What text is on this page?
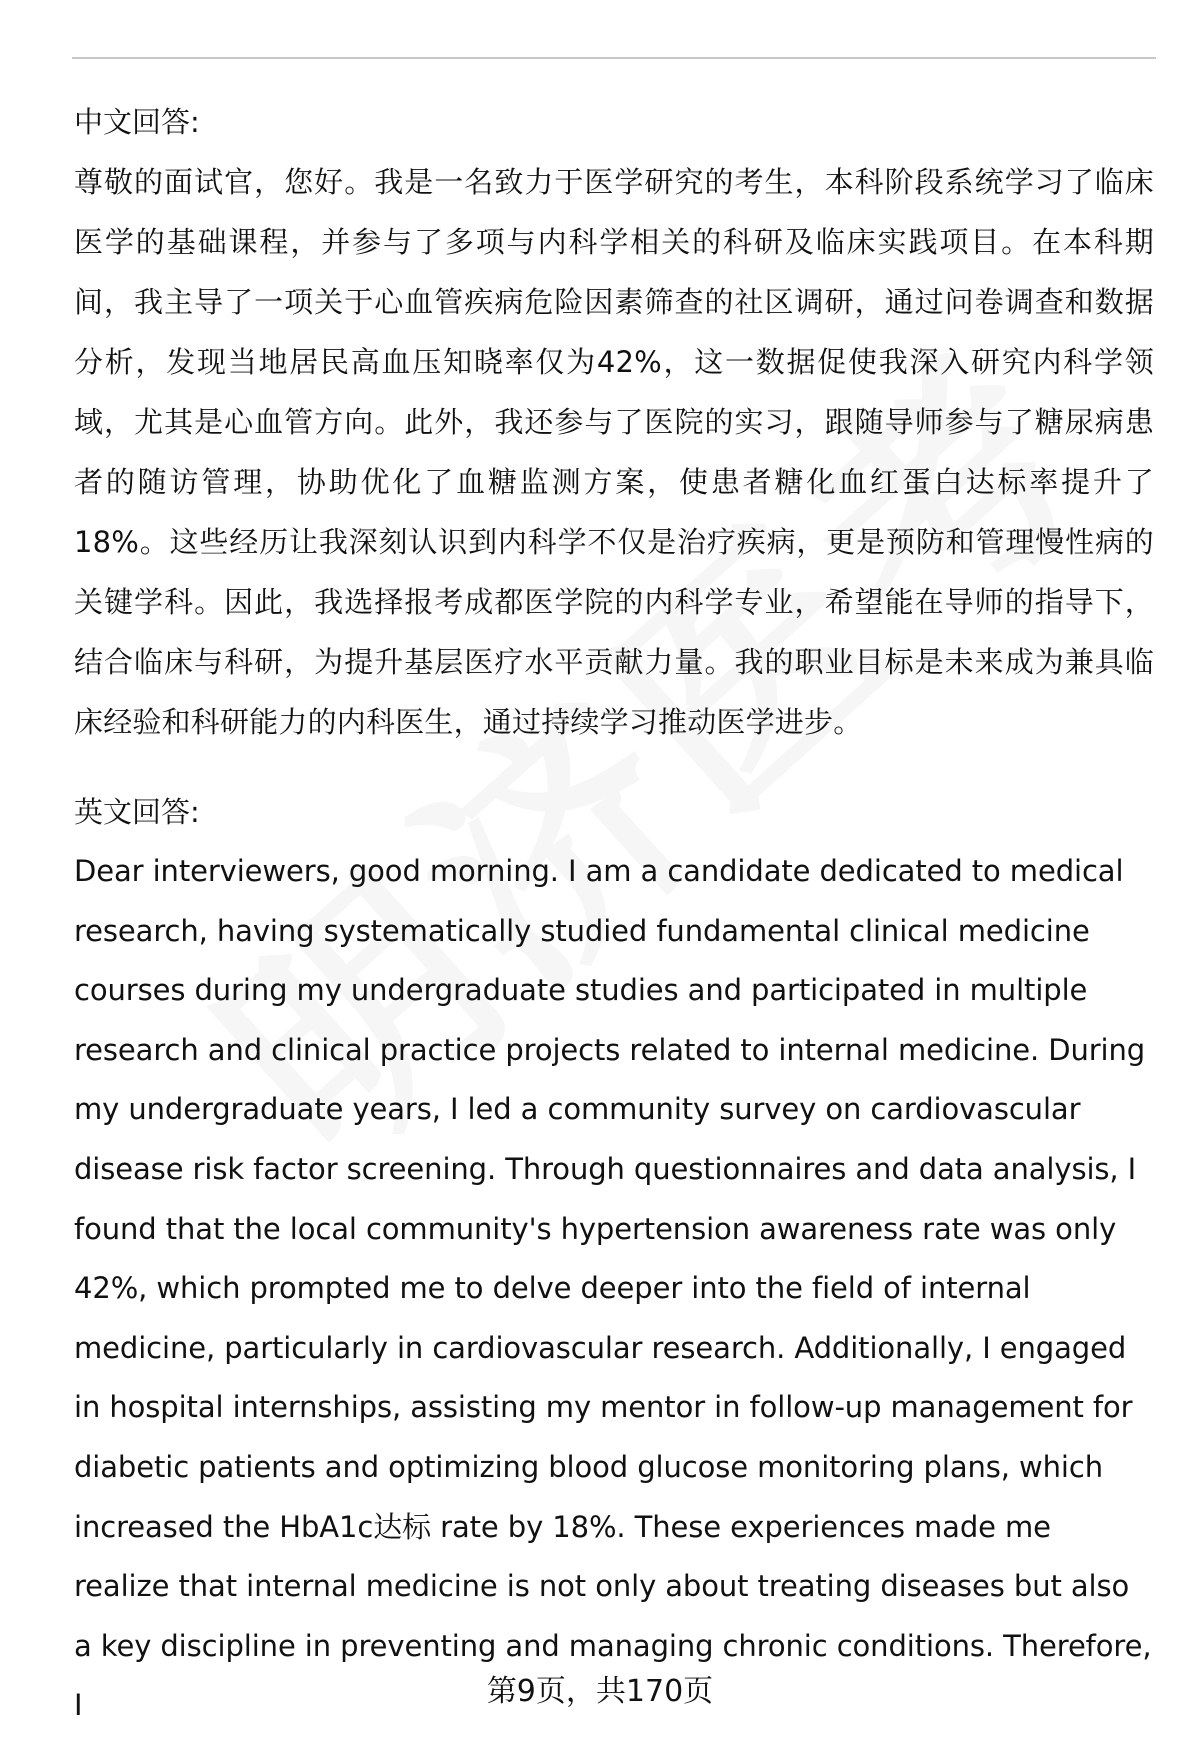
中文回答:

尊敬的面试官，您好。我是一名致力于医学研究的考生，本科阶段系统学习了临床医学的基础课程，并参与了多项与内科学相关的科研及临床实践项目。在本科期间，我主导了一项关于心血管疾病危险因素筛查的社区调研，通过问卷调查和数据分析，发现当地居民高血压知晓率仅为42%，这一数据促使我深入研究内科学领域，尤其是心血管方向。此外，我还参与了医院的实习，跟随导师参与了糖尿病患者的随访管理，协助优化了血糖监测方案，使患者糖化血红蛋白达标率提升了18%。这些经历让我深刻认识到内科学不仅是治疗疾病，更是预防和管理慢性病的关键学科。因此，我选择报考成都医学院的内科学专业，希望能在导师的指导下，结合临床与科研，为提升基层医疗水平贡献力量。我的职业目标是未来成为兼具临床经验和科研能力的内科医生，通过持续学习推动医学进步。

英文回答:

Dear interviewers, good morning. I am a candidate dedicated to medical research, having systematically studied fundamental clinical medicine courses during my undergraduate studies and participated in multiple research and clinical practice projects related to internal medicine. During my undergraduate years, I led a community survey on cardiovascular disease risk factor screening. Through questionnaires and data analysis, I found that the local community's hypertension awareness rate was only 42%, which prompted me to delve deeper into the field of internal medicine, particularly in cardiovascular research. Additionally, I engaged in hospital internships, assisting my mentor in follow-up management for diabetic patients and optimizing blood glucose monitoring plans, which increased the HbA1c达标 rate by 18%. These experiences made me realize that internal medicine is not only about treating diseases but also a key discipline in preventing and managing chronic conditions. Therefore, I	第9页，共170页
